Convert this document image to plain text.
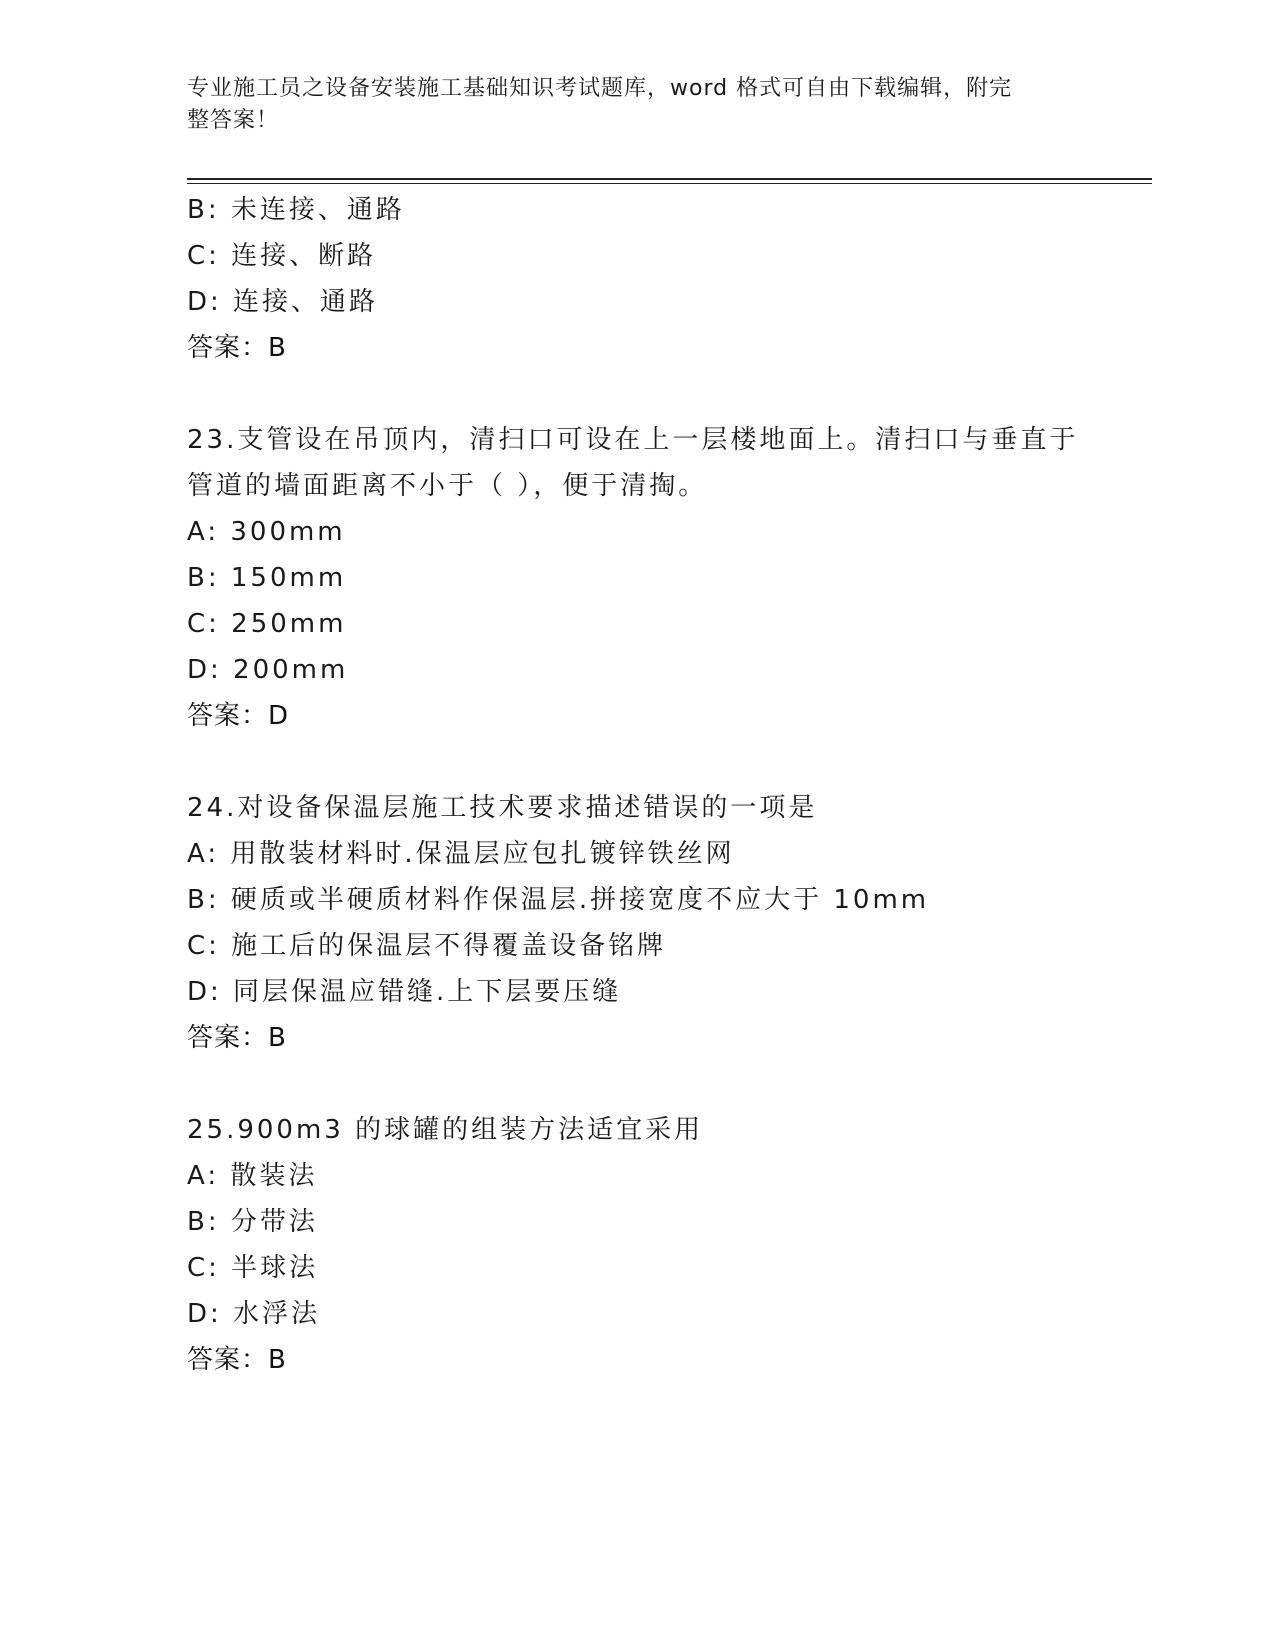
专业施工员之设备安装施工基础知识考试题库，word 格式可自由下载编辑，附完
整答案！
B: 未连接、通路
C: 连接、断路
D: 连接、通路
答案：B
23.支管设在吊顶内，清扫口可设在上一层楼地面上。清扫口与垂直于
管道的墙面距离不小于（ ），便于清掏。
A: 300mm
B: 150mm
C: 250mm
D: 200mm
答案：D
24.对设备保温层施工技术要求描述错误的一项是
A: 用散装材料时.保温层应包扎镀锌铁丝网
B: 硬质或半硬质材料作保温层.拼接宽度不应大于 10mm
C: 施工后的保温层不得覆盖设备铭牌
D: 同层保温应错缝.上下层要压缝
答案：B
25.900m3 的球罐的组装方法适宜采用
A: 散装法
B: 分带法
C: 半球法
D: 水浮法
答案：B
